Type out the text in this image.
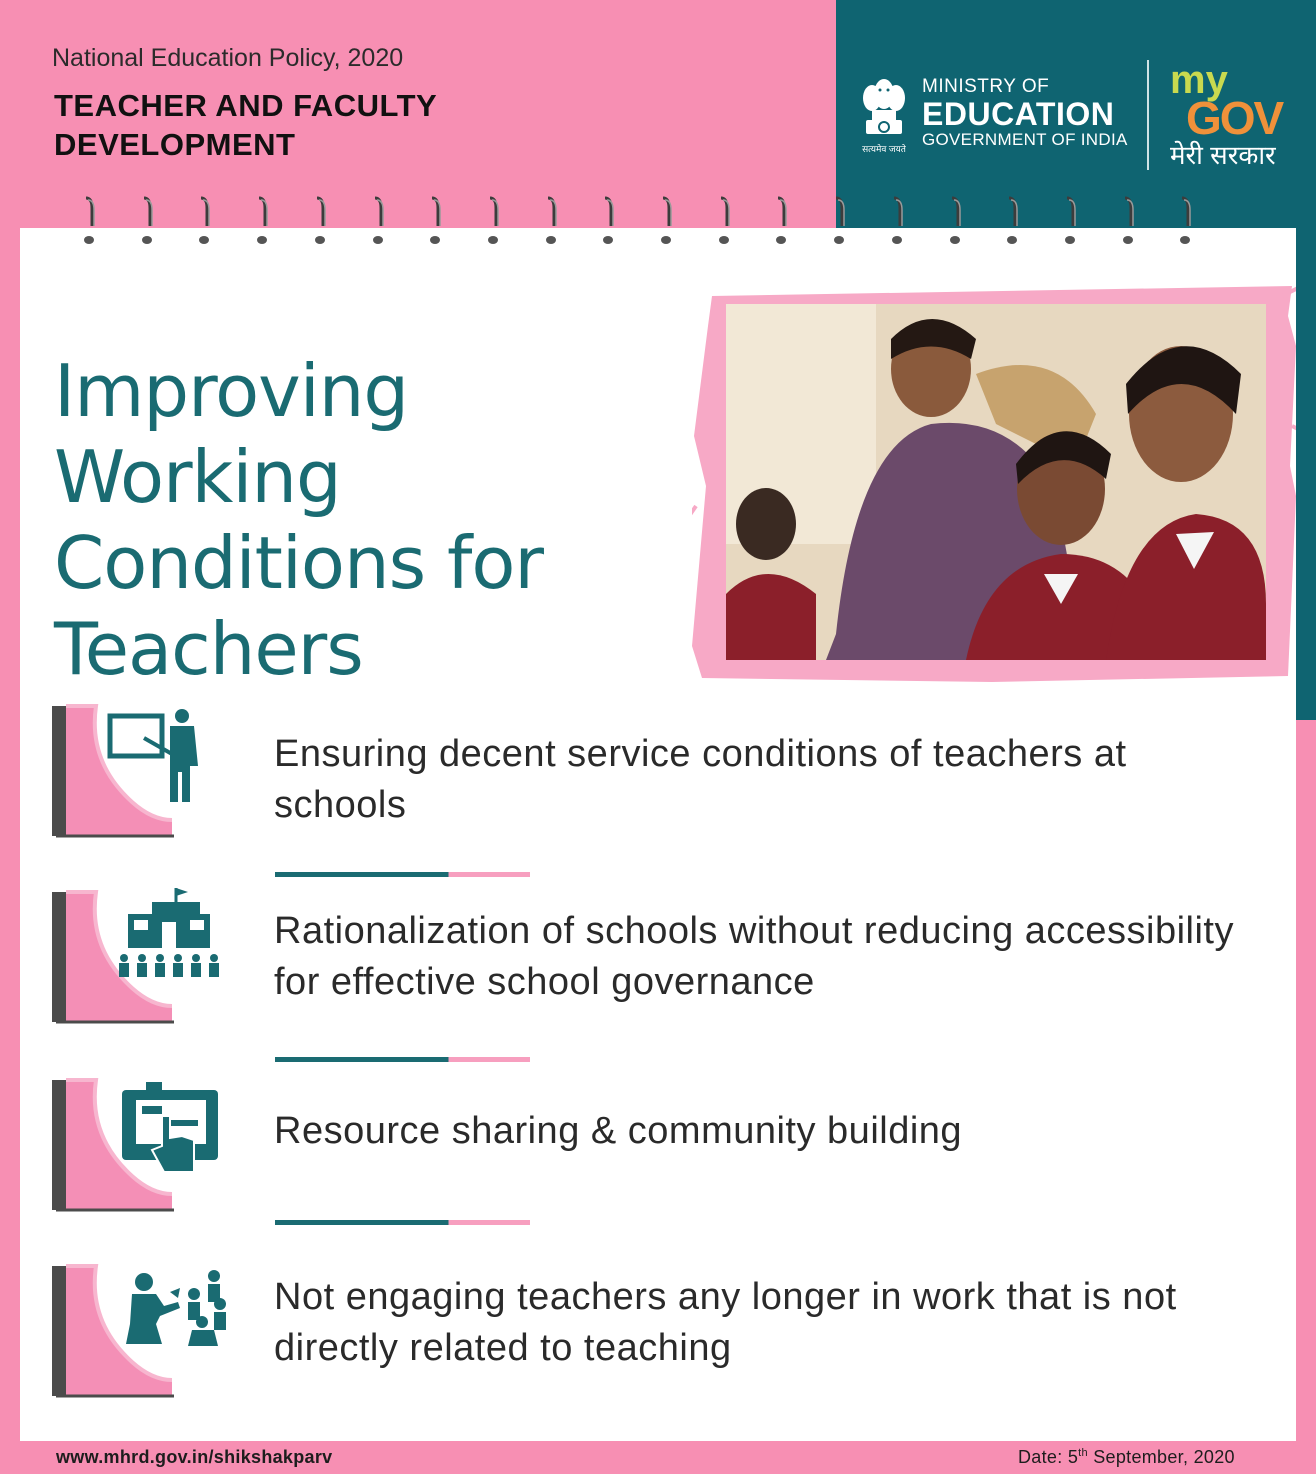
National Education Policy, 2020
TEACHER AND FACULTY DEVELOPMENT	सत्यमेव जयते
MINISTRY OF
EDUCATION
GOVERNMENT OF INDIA
my
GOV
मेरी सरकार
Improving Working Conditions for Teachers
Ensuring decent service conditions of teachers at schools
Rationalization of schools without reducing accessibility for effective school governance
Resource sharing & community building
Not engaging teachers any longer in work that is not directly related to teaching
www.mhrd.gov.in/shikshakparv	Date: 5th September, 2020
